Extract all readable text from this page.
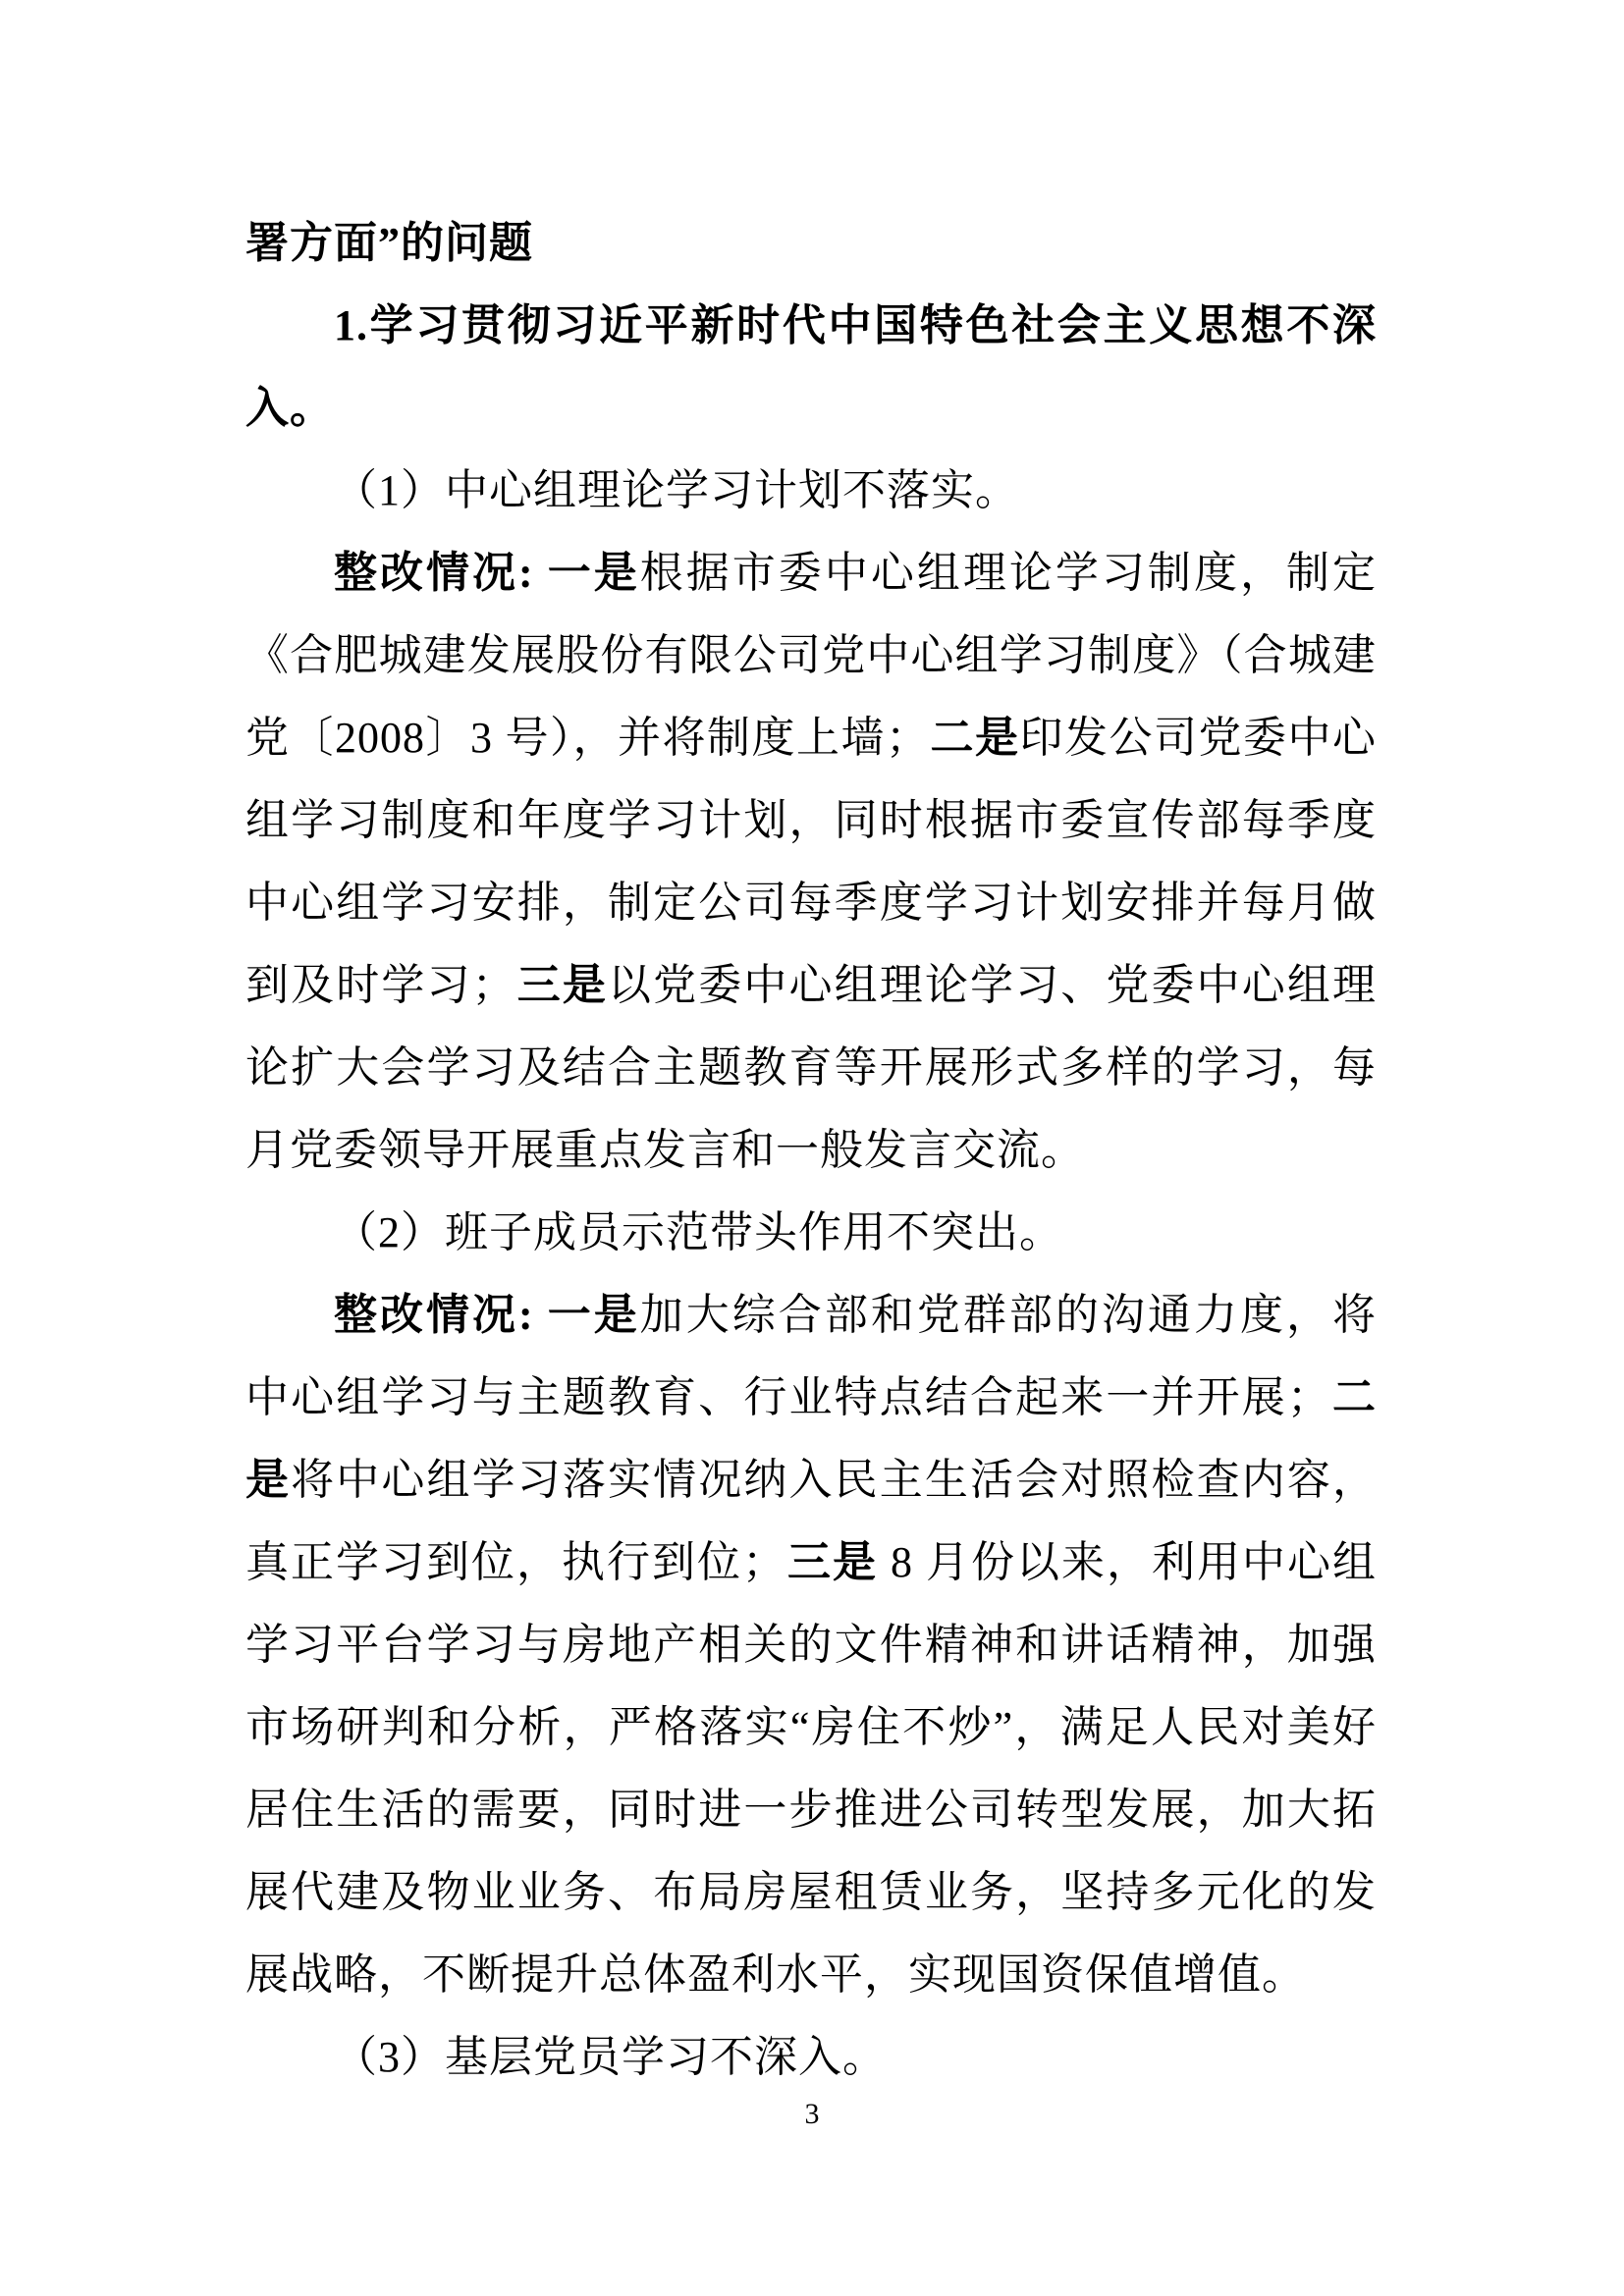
署方面”的问题

1.学习贯彻习近平新时代中国特色社会主义思想不深入。

（1）中心组理论学习计划不落实。

整改情况: 一是根据市委中心组理论学习制度，制定《合肥城建发展股份有限公司党中心组学习制度》（合城建党〔2008〕3 号），并将制度上墙；二是印发公司党委中心组学习制度和年度学习计划，同时根据市委宣传部每季度中心组学习安排，制定公司每季度学习计划安排并每月做到及时学习；三是以党委中心组理论学习、党委中心组理论扩大会学习及结合主题教育等开展形式多样的学习，每月党委领导开展重点发言和一般发言交流。

（2）班子成员示范带头作用不突出。

整改情况: 一是加大综合部和党群部的沟通力度，将中心组学习与主题教育、行业特点结合起来一并开展；二是将中心组学习落实情况纳入民主生活会对照检查内容，真正学习到位，执行到位；三是 8 月份以来，利用中心组学习平台学习与房地产相关的文件精神和讲话精神，加强市场研判和分析，严格落实“房住不炒”，满足人民对美好居住生活的需要，同时进一步推进公司转型发展，加大拓展代建及物业业务、布局房屋租赁业务，坚持多元化的发展战略，不断提升总体盈利水平，实现国资保值增值。

（3）基层党员学习不深入。

3
